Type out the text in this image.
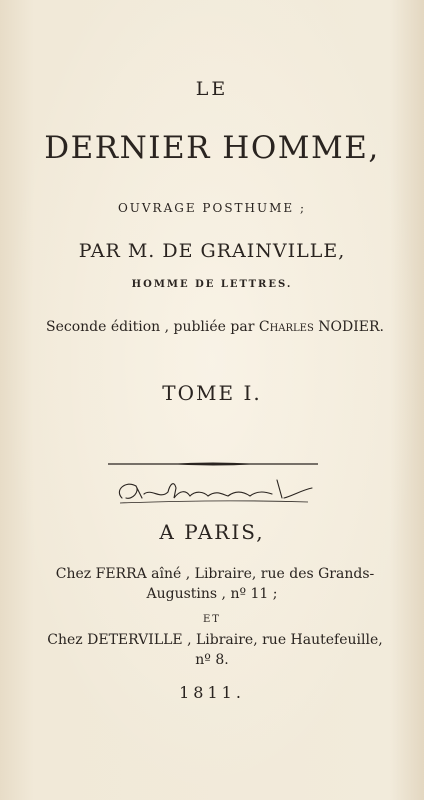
LE
DERNIER HOMME,
OUVRAGE POSTHUME ;
PAR M. DE GRAINVILLE,
HOMME DE LETTRES.
Seconde édition , publiée par Charles NODIER.
TOME I.
Atheuée
A PARIS,
Chez FERRA aîné , Libraire, rue des Grands-
Augustins , nº 11 ;
ET
Chez DETERVILLE , Libraire, rue Hautefeuille,
nº 8.
1811.
